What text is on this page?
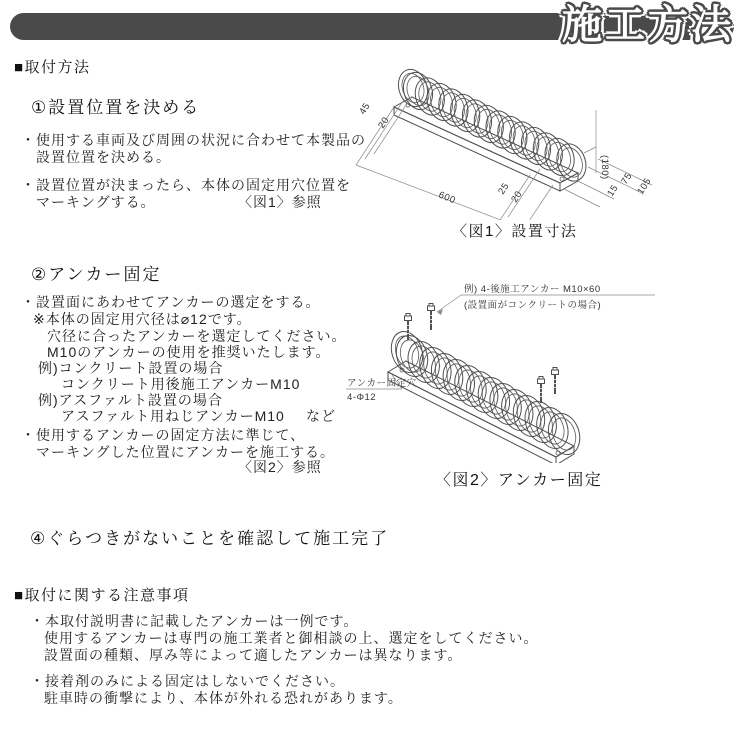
施工方法
■取付方法
①設置位置を決める
・使用する車両及び周囲の状況に合わせて本製品の
設置位置を決める。
・設置位置が決まったら、本体の固定用穴位置を
マーキングする。	〈図1〉参照
45
20
600
25
20	15
75 105
(180)
〈図1〉設置寸法
②アンカー固定
・設置面にあわせてアンカーの選定をする。
※本体の固定用穴径は⌀12です。
穴径に合ったアンカーを選定してください。
M10のアンカーの使用を推奨いたします。
例)コンクリート設置の場合
コンクリート用後施工アンカーM10
例)アスファルト設置の場合
アスファルト用ねじアンカーM10 など
・使用するアンカーの固定方法に準じて、
マーキングした位置にアンカーを施工する。
〈図2〉参照
例) 4-後施工アンカー M10×60
(設置面がコンクリートの場合)
アンカー固定穴
4-Φ12
〈図2〉アンカー固定
④ぐらつきがないことを確認して施工完了
■取付に関する注意事項
・本取付説明書に記載したアンカーは一例です。
使用するアンカーは専門の施工業者と御相談の上、選定をしてください。
設置面の種類、厚み等によって適したアンカーは異なります。
・接着剤のみによる固定はしないでください。
駐車時の衝撃により、本体が外れる恐れがあります。
